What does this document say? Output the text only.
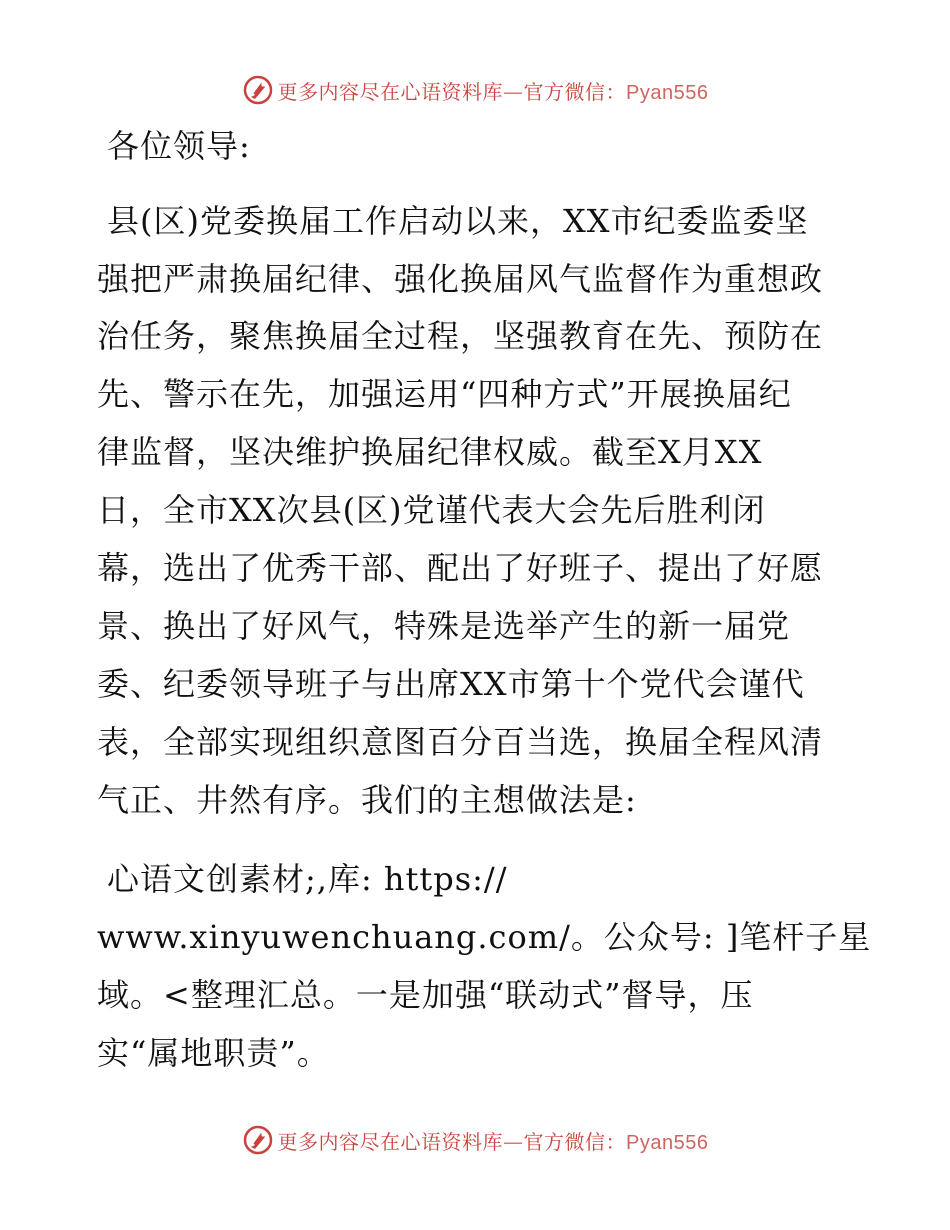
更多内容尽在心语资料库—官方微信：Pyan556
各位领导:
县(区)党委换届工作启动以来，XX市纪委监委坚
强把严肃换届纪律、强化换届风气监督作为重想政
治任务，聚焦换届全过程，坚强教育在先、预防在
先、警示在先，加强运用“四种方式”开展换届纪
律监督，坚决维护换届纪律权威。截至X月XX
日，全市XX次县(区)党谨代表大会先后胜利闭
幕，选出了优秀干部、配出了好班子、提出了好愿
景、换出了好风气，特殊是选举产生的新一届党
委、纪委领导班子与出席XX市第十个党代会谨代
表，全部实现组织意图百分百当选，换届全程风清
气正、井然有序。我们的主想做法是:
心语文创素材;,库: https://
www.xinyuwenchuang.com/。公众号: ]笔杆子星
域。<整理汇总。一是加强“联动式”督导，压
实“属地职责”。
更多内容尽在心语资料库—官方微信：Pyan556
